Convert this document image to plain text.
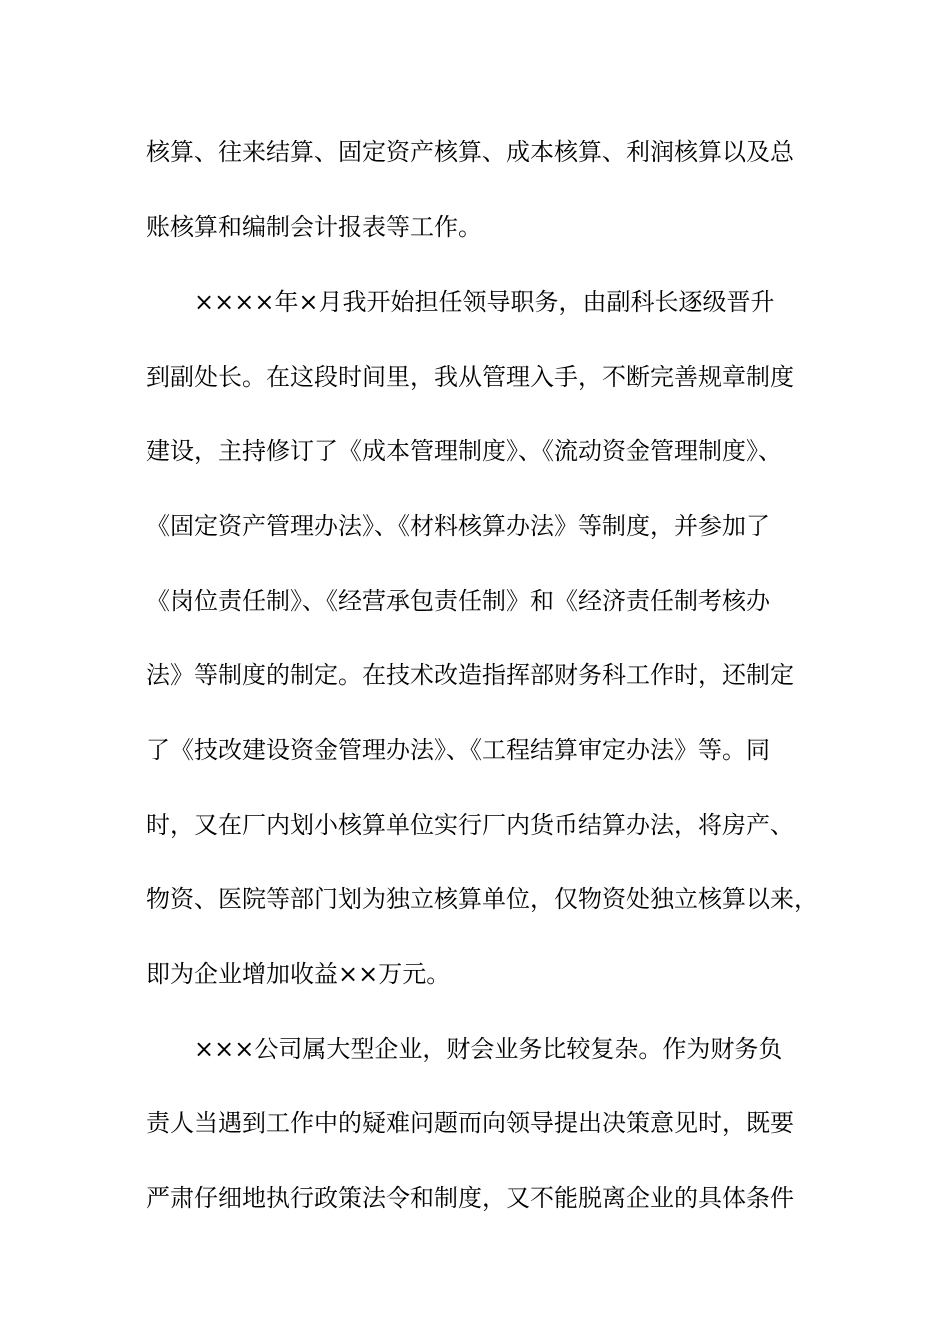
核算、往来结算、固定资产核算、成本核算、利润核算以及总

账核算和编制会计报表等工作。

××××年×月我开始担任领导职务，由副科长逐级晋升

到副处长。在这段时间里，我从管理入手，不断完善规章制度

建设，主持修订了《成本管理制度》、《流动资金管理制度》、

《固定资产管理办法》、《材料核算办法》等制度，并参加了

《岗位责任制》、《经营承包责任制》和《经济责任制考核办

法》等制度的制定。在技术改造指挥部财务科工作时，还制定

了《技改建设资金管理办法》、《工程结算审定办法》等。同

时，又在厂内划小核算单位实行厂内货币结算办法，将房产、

物资、医院等部门划为独立核算单位，仅物资处独立核算以来，

即为企业增加收益××万元。

×××公司属大型企业，财会业务比较复杂。作为财务负

责人当遇到工作中的疑难问题而向领导提出决策意见时，既要

严肃仔细地执行政策法令和制度，又不能脱离企业的具体条件
